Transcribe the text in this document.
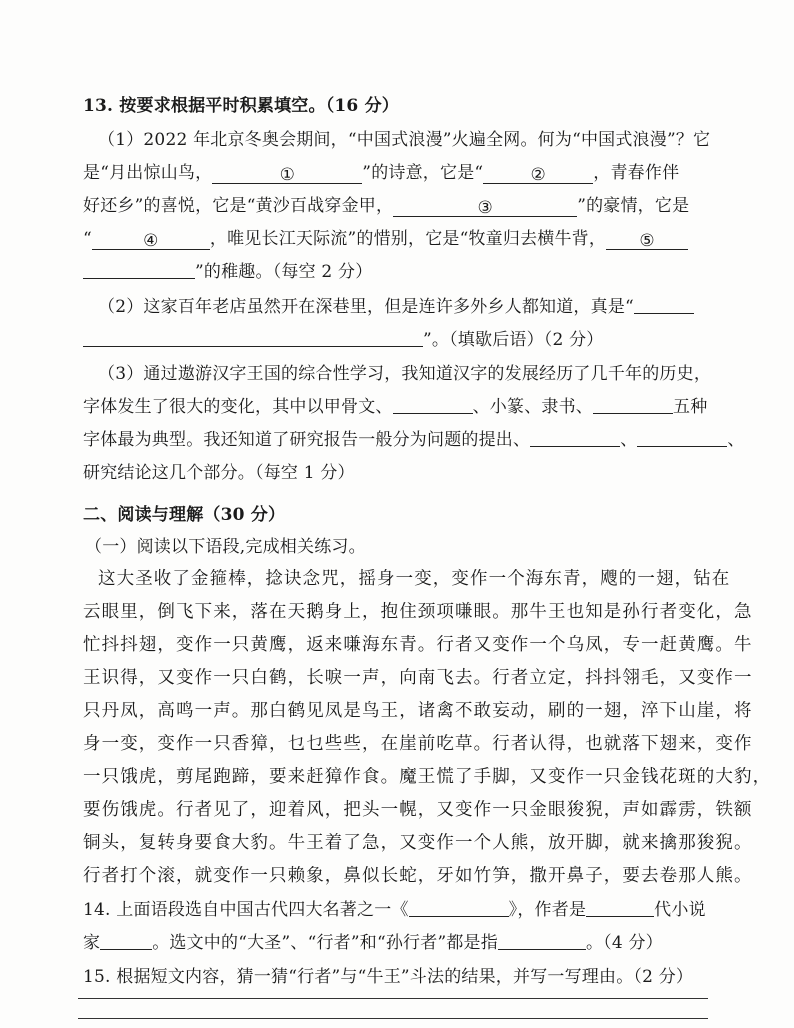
13. 按要求根据平时积累填空。（16 分）
（1）2022 年北京冬奥会期间，“中国式浪漫”火遍全网。何为“中国式浪漫”？它
是“月出惊山鸟，	①	”的诗意，它是“	②	，青春作伴
好还乡”的喜悦，它是“黄沙百战穿金甲，	③	”的豪情，它是
“	④	，唯见长江天际流”的惜别，它是“牧童归去横牛背， ⑤
”的稚趣。（每空 2 分）
（2）这家百年老店虽然开在深巷里，但是连许多外乡人都知道，真是“
”。（填歇后语）（2 分）
（3）通过遨游汉字王国的综合性学习，我知道汉字的发展经历了几千年的历史，
字体发生了很大的变化，其中以甲骨文、	、小篆、隶书、	五种
字体最为典型。我还知道了研究报告一般分为问题的提出、	、	、
研究结论这几个部分。（每空 1 分）
二、阅读与理解（30 分）
（一）阅读以下语段,完成相关练习。
这大圣收了金箍棒，捻诀念咒，摇身一变，变作一个海东青，飕的一翅，钻在
云眼里，倒飞下来，落在天鹅身上，抱住颈项嗛眼。那牛王也知是孙行者变化，急
忙抖抖翅，变作一只黄鹰，返来嗛海东青。行者又变作一个乌凤，专一赶黄鹰。牛
王识得，又变作一只白鹤，长唳一声，向南飞去。行者立定，抖抖翎毛，又变作一
只丹凤，高鸣一声。那白鹤见凤是鸟王，诸禽不敢妄动，刷的一翅，淬下山崖，将
身一变，变作一只香獐，乜乜些些，在崖前吃草。行者认得，也就落下翅来，变作
一只饿虎，剪尾跑蹄，要来赶獐作食。魔王慌了手脚，又变作一只金钱花斑的大豹，
要伤饿虎。行者见了，迎着风，把头一幌，又变作一只金眼狻猊，声如霹雳，铁额
铜头，复转身要食大豹。牛王着了急，又变作一个人熊，放开脚，就来擒那狻猊。
行者打个滚，就变作一只赖象，鼻似长蛇，牙如竹笋，撒开鼻子，要去卷那人熊。
14. 上面语段选自中国古代四大名著之一《	》，作者是	代小说
家	。选文中的“大圣”、“行者”和“孙行者”都是指	。（4 分）
15. 根据短文内容，猜一猜“行者”与“牛王”斗法的结果，并写一写理由。（2 分）
